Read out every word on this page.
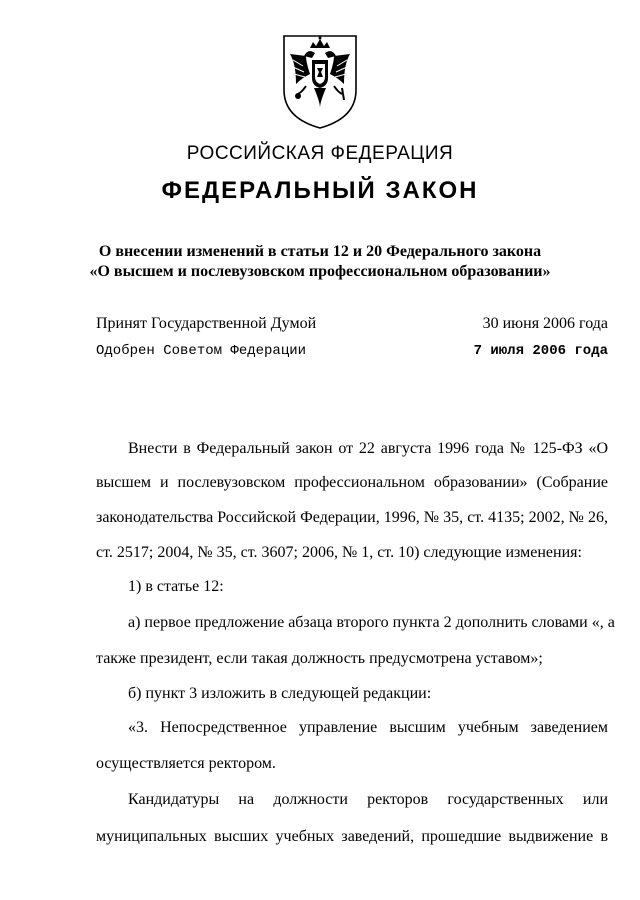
РОССИЙСКАЯ ФЕДЕРАЦИЯ
ФЕДЕРАЛЬНЫЙ ЗАКОН
О внесении изменений в статьи 12 и 20 Федерального закона
«О высшем и послевузовском профессиональном образовании»
Принят Государственной Думой	30 июня 2006 года
Одобрен Советом Федерации	7 июля 2006 года
Внести в Федеральный закон от 22 августа 1996 года № 125-ФЗ «О
высшем и послевузовском профессиональном образовании» (Собрание
законодательства Российской Федерации, 1996, № 35, ст. 4135; 2002, № 26,
ст. 2517; 2004, № 35, ст. 3607; 2006, № 1, ст. 10) следующие изменения:
1) в статье 12:
а) первое предложение абзаца второго пункта 2 дополнить словами «, а
также президент, если такая должность предусмотрена уставом»;
б) пункт 3 изложить в следующей редакции:
«3. Непосредственное управление высшим учебным заведением
осуществляется ректором.
Кандидатуры на должности ректоров государственных или
муниципальных высших учебных заведений, прошедшие выдвижение в
